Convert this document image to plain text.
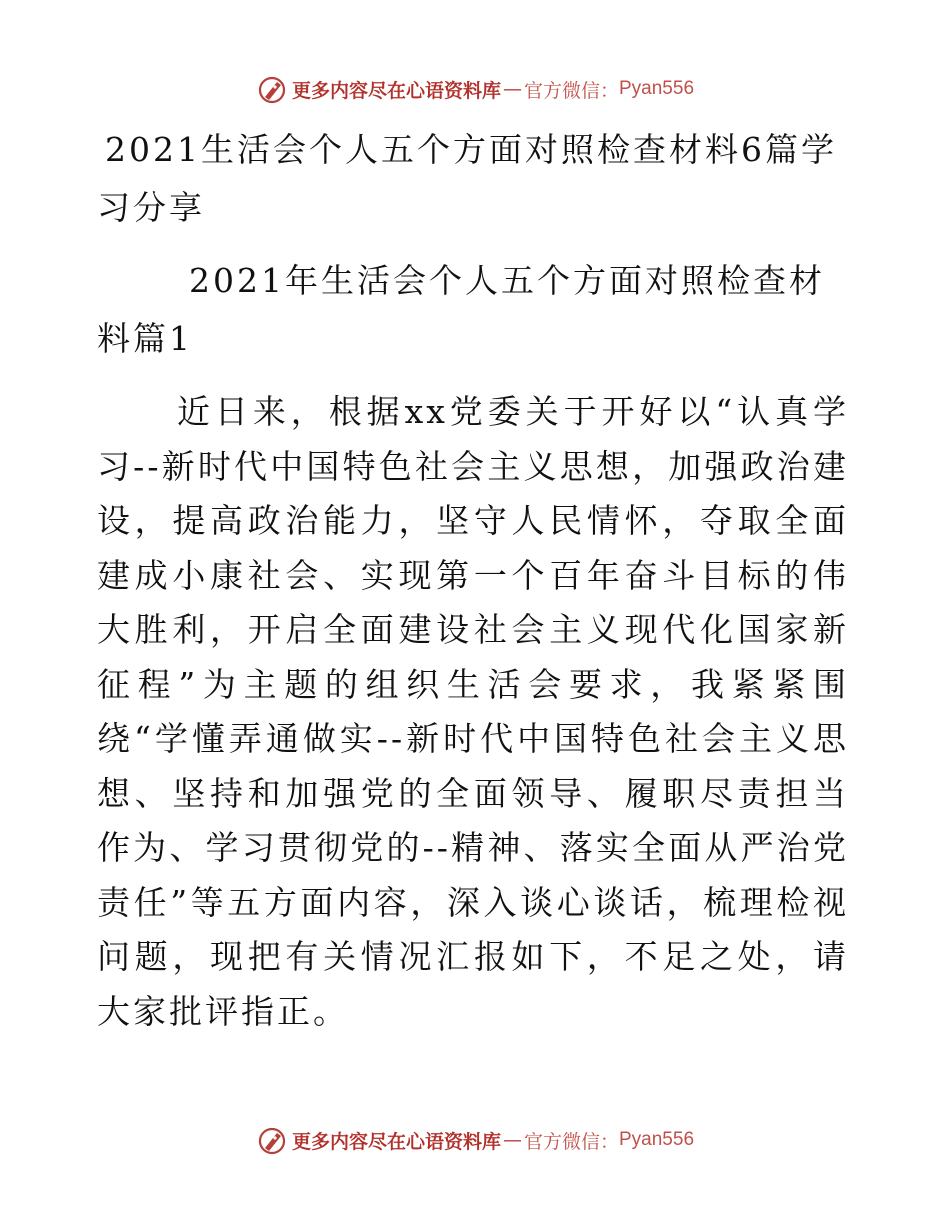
更多内容尽在心语资料库 — 官方微信： Pyan556

2021生活会个人五个方面对照检查材料6篇学习分享

2021年生活会个人五个方面对照检查材料篇1

近日来，根据xx党委关于开好以“认真学习--新时代中国特色社会主义思想，加强政治建设，提高政治能力，坚守人民情怀，夺取全面建成小康社会、实现第一个百年奋斗目标的伟大胜利，开启全面建设社会主义现代化国家新征程”为主题的组织生活会要求，我紧紧围绕“学懂弄通做实--新时代中国特色社会主义思想、坚持和加强党的全面领导、履职尽责担当作为、学习贯彻党的--精神、落实全面从严治党责任”等五方面内容，深入谈心谈话，梳理检视问题，现把有关情况汇报如下，不足之处，请大家批评指正。

更多内容尽在心语资料库 — 官方微信： Pyan556
